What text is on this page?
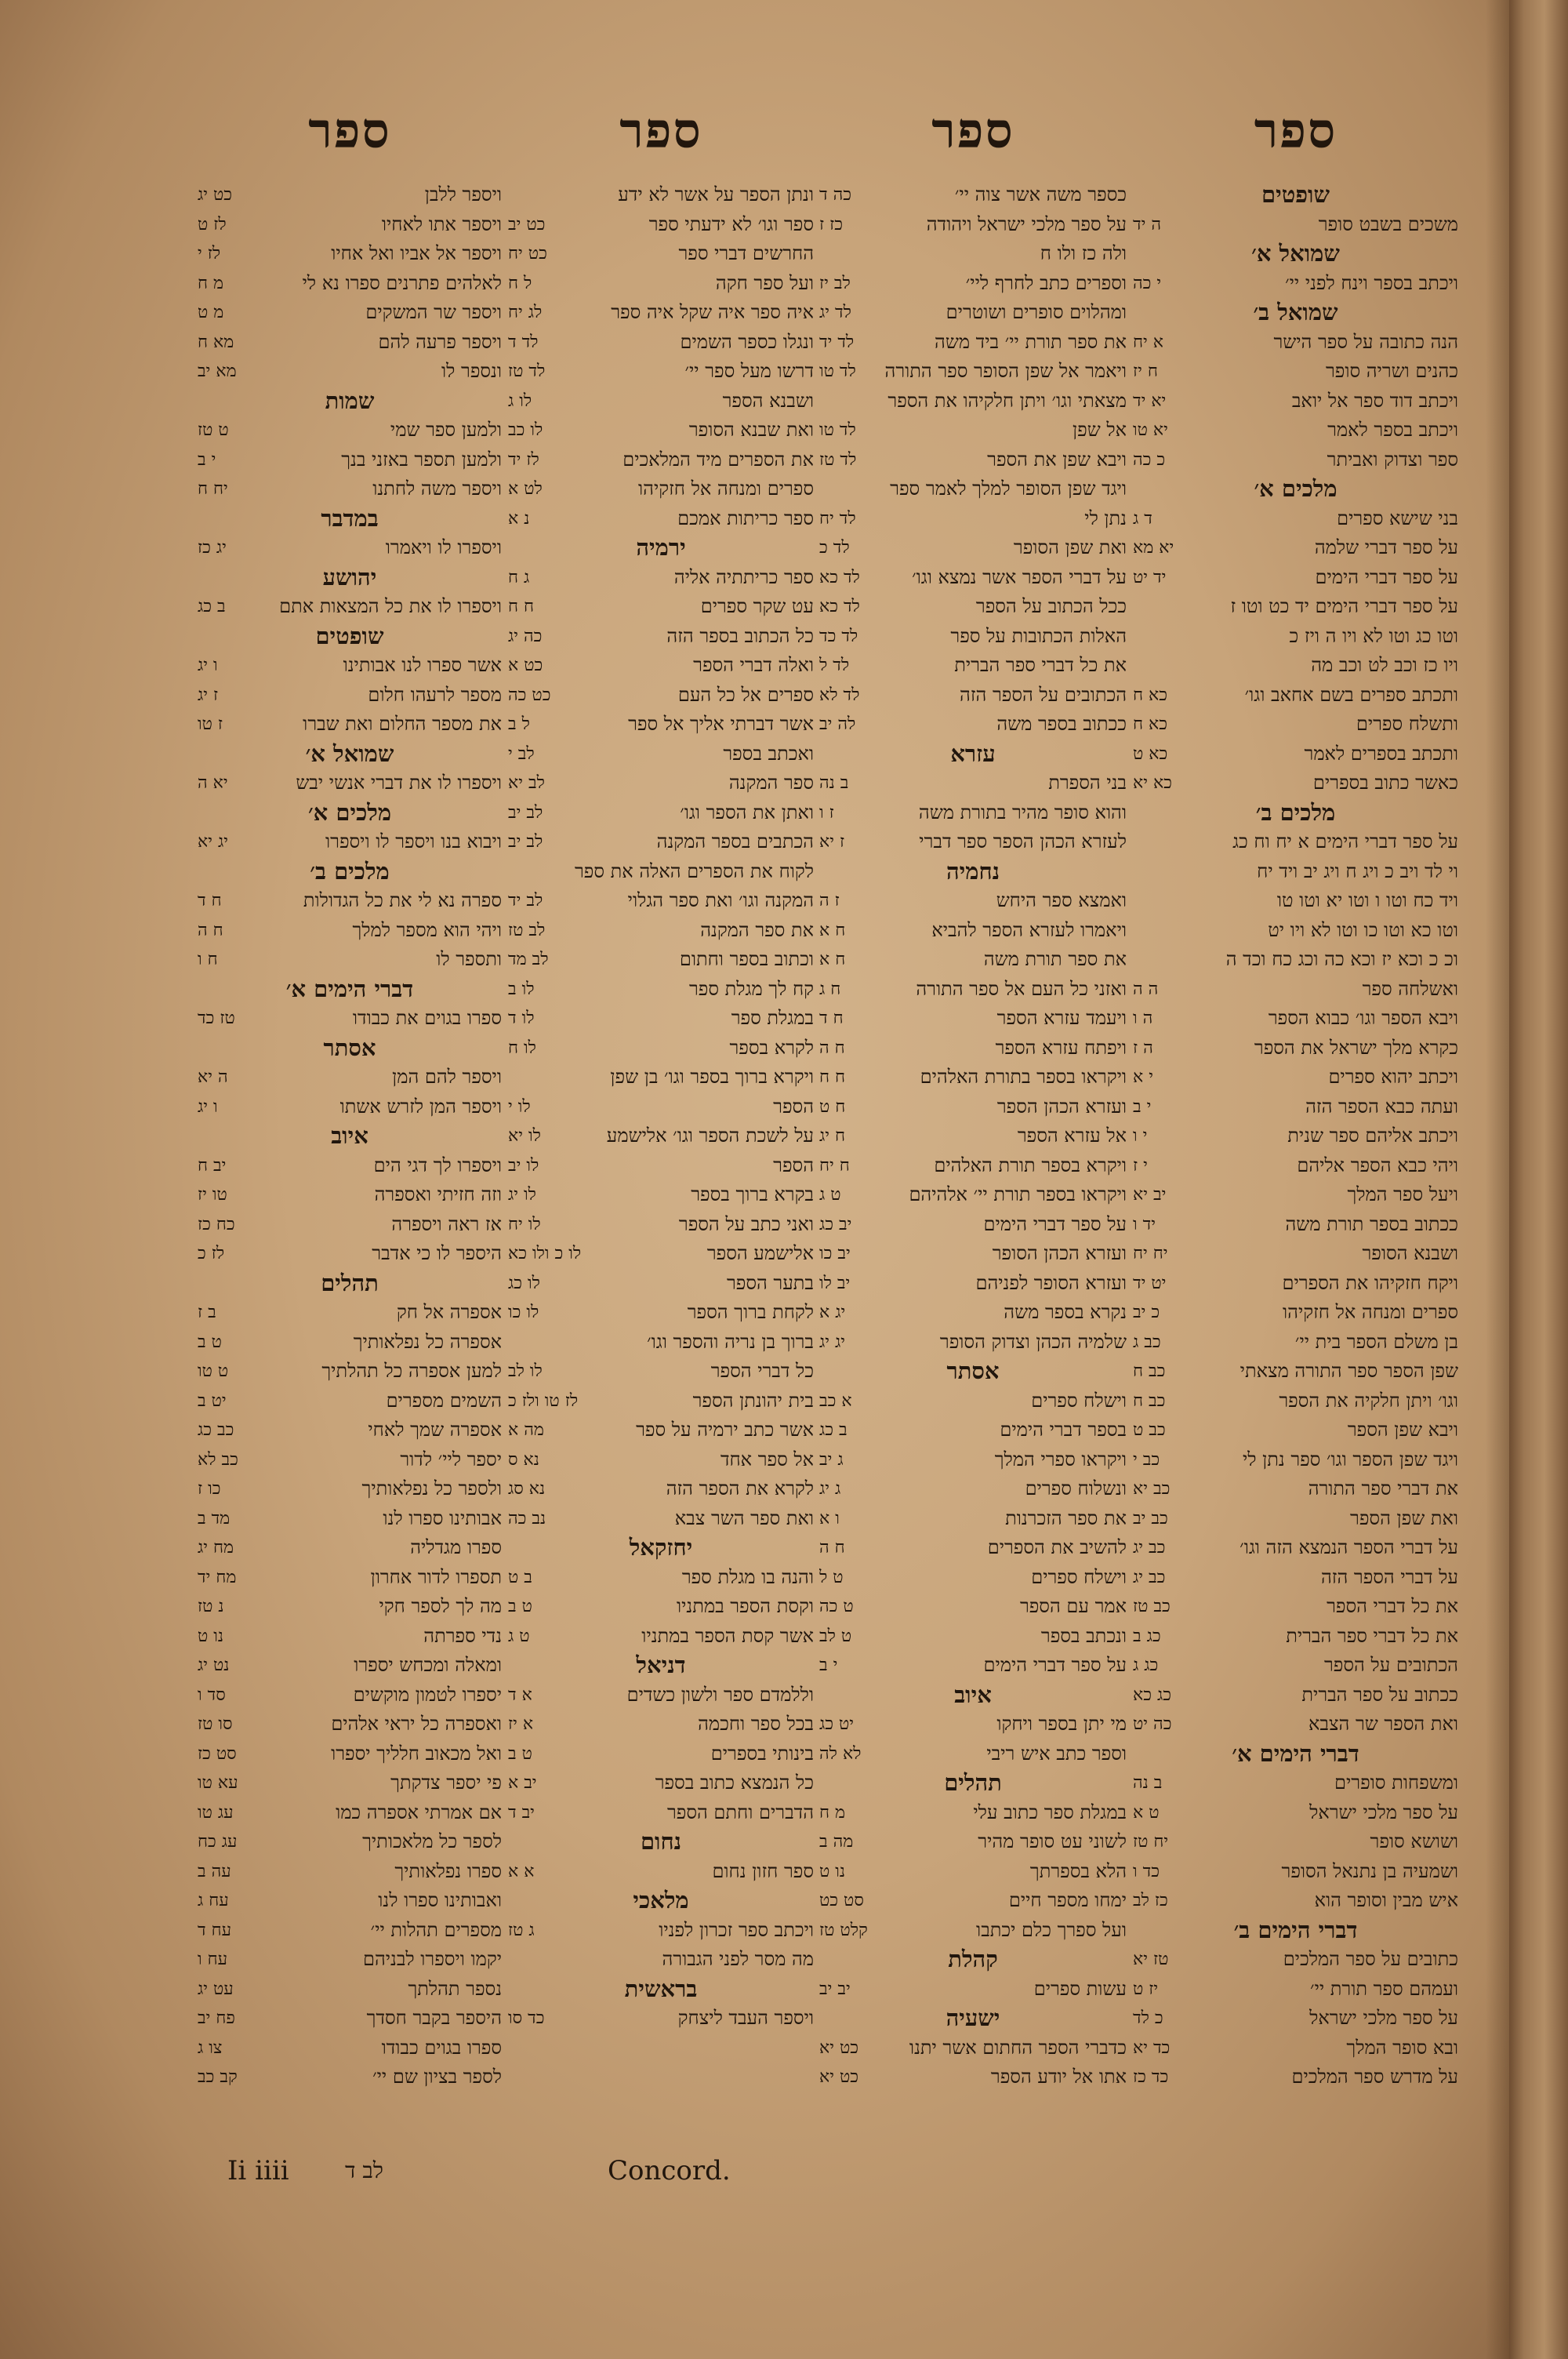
ספר
שופטים
משכים בשבט סופר
ה יד
שמואל א׳
ויכתב בספר וינח לפני יי׳
י כה
שמואל ב׳
הנה כתובה על ספר הישר
א יח
כהנים ושריה סופר
ח יז
ויכתב דוד ספר אל יואב
יא יד
ויכתב בספר לאמר
יא טו
ספר וצדוק ואביתר
כ כה
מלכים א׳
בני שישא ספרים
ד ג
על ספר דברי שלמה
יא מא
על ספר דברי הימים
יד יט
על ספר דברי הימים יד כט וטו ז
וטו כג וטו לא ויו ה ויז כ
ויו כז וכב לט וכב מה
ותכתב ספרים בשם אחאב וגו׳
כא ח
ותשלח ספרים
כא ח
ותכתב בספרים לאמר
כא ט
כאשר כתוב בספרים
כא יא
מלכים ב׳
על ספר דברי הימים א יח וח כג
וי לד ויב כ ויג ח ויג יב ויד יח
ויד כח וטו ו וטו יא וטו טו
וטו כא וטו כו וטו לא ויו יט
וכ כ וכא יז וכא כה וכג כח וכד ה
ואשלחה ספר
ה ה
ויבא הספר וגו׳ כבוא הספר
ה ו
כקרא מלך ישראל את הספר
ה ז
ויכתב יהוא ספרים
י א
ועתה כבא הספר הזה
י ב
ויכתב אליהם ספר שנית
י ו
ויהי כבא הספר אליהם
י ז
ויעל ספר המלך
יב יא
ככתוב בספר תורת משה
יד ו
ושבנא הסופר
יח יח
ויקח חזקיהו את הספרים
יט יד
ספרים ומנחה אל חזקיהו
כ יב
בן משלם הספר בית יי׳
כב ג
שפן הספר ספר התורה מצאתי
כב ח
וגו׳ ויתן חלקיה את הספר
כב ח
ויבא שפן הספר
כב ט
ויגד שפן הספר וגו׳ ספר נתן לי
כב י
את דברי ספר התורה
כב יא
ואת שפן הספר
כב יב
על דברי הספר הנמצא הזה וגו׳
כב יג
על דברי הספר הזה
כב יג
את כל דברי הספר
כב טז
את כל דברי ספר הברית
כג ב
הכתובים על הספר
כג ג
ככתוב על ספר הברית
כג כא
ואת הספר שר הצבא
כה יט
דברי הימים א׳
ומשפחות סופרים
ב נה
על ספר מלכי ישראל
ט א
ושושא סופר
יח טז
ושמעיה בן נתנאל הסופר
כד ו
איש מבין וסופר הוא
כז לב
דברי הימים ב׳
כתובים על ספר המלכים
טז יא
ועמהם ספר תורת יי׳
יז ט
על ספר מלכי ישראל
כ לד
ובא סופר המלך
כד יא
על מדרש ספר המלכים
כד כז
ספר
כספר משה אשר צוה יי׳
כה ד
על ספר מלכי ישראל ויהודה
כז ז
ולה כז ולו ח
וספרים כתב לחרף ליי׳
לב יז
ומהלוים סופרים ושוטרים
לד יג
את ספר תורת יי׳ ביד משה
לד יד
ויאמר אל שפן הסופר ספר התורה
לד טו
מצאתי וגו׳ ויתן חלקיהו את הספר
אל שפן
לד טו
ויבא שפן את הספר
לד טז
ויגד שפן הסופר למלך לאמר ספר
נתן לי
לד יח
ואת שפן הסופר
לד כ
על דברי הספר אשר נמצא וגו׳
לד כא
ככל הכתוב על הספר
לד כא
האלות הכתובות על ספר
לד כד
את כל דברי ספר הברית
לד ל
הכתובים על הספר הזה
לד לא
ככתוב בספר משה
לה יב
עזרא
בני הספרת
ב נה
והוא סופר מהיר בתורת משה
ז ו
לעזרא הכהן הספר ספר דברי
ז יא
נחמיה
ואמצא ספר היחש
ז ה
ויאמרו לעזרא הספר להביא
ח א
את ספר תורת משה
ח א
ואזני כל העם אל ספר התורה
ח ג
ויעמד עזרא הספר
ח ד
ויפתח עזרא הספר
ח ה
ויקראו בספר בתורת האלהים
ח ח
ועזרא הכהן הספר
ח ט
אל עזרא הספר
ח יג
ויקרא בספר תורת האלהים
ח יח
ויקראו בספר תורת יי׳ אלהיהם
ט ג
על ספר דברי הימים
יב כג
ועזרא הכהן הסופר
יב כו
ועזרא הסופר לפניהם
יב לו
נקרא בספר משה
יג א
שלמיה הכהן וצדוק הסופר
יג יג
אסתר
וישלח ספרים
א כב
בספר דברי הימים
ב כג
ויקראו ספרי המלך
ג יב
ונשלוח ספרים
ג יג
את ספר הזכרנות
ו א
להשיב את הספרים
ח ה
וישלח ספרים
ט ל
אמר עם הספר
ט כה
ונכתב בספר
ט לב
על ספר דברי הימים
י ב
איוב
מי יתן בספר ויחקו
יט כג
וספר כתב איש ריבי
לא לה
תהלים
במגלת ספר כתוב עלי
מ ח
לשוני עט סופר מהיר
מה ב
הלא בספרתך
נו ט
ימחו מספר חיים
סט כט
ועל ספרך כלם יכתבו
קלט טז
קהלת
עשות ספרים
יב יב
ישעיה
כדברי הספר החתום אשר יתנו
כט יא
אתו אל יודע הספר
כט יא
ספר
ונתן הספר על אשר לא ידע
ספר וגו׳ לא ידעתי ספר
כט יב
החרשים דברי ספר
כט יח
ועל ספר חקה
ל ח
איה ספר איה שקל איה ספר
לג יח
ונגלו כספר השמים
לד ד
דרשו מעל ספר יי׳
לד טז
ושבנא הספר
לו ג
ואת שבנא הסופר
לו כב
את הספרים מיד המלאכים
לז יד
ספרים ומנחה אל חזקיהו
לט א
ספר כריתות אמכם
נ א
ירמיה
ספר כריתתיה אליה
ג ח
עט שקר ספרים
ח ח
כל הכתוב בספר הזה
כה יג
ואלה דברי הספר
כט א
ספרים אל כל העם
כט כה
אשר דברתי אליך אל ספר
ל ב
ואכתב בספר
לב י
ספר המקנה
לב יא
ואתן את הספר וגו׳
לב יב
הכתבים בספר המקנה
לב יב
לקוח את הספרים האלה את ספר
המקנה וגו׳ ואת ספר הגלוי
לב יד
את ספר המקנה
לב טז
וכתוב בספר וחתום
לב מד
קח לך מגלת ספר
לו ב
במגלת ספר
לו ד
לקרא בספר
לו ח
ויקרא ברוך בספר וגו׳ בן שפן
הספר
לו י
על לשכת הספר וגו׳ אלישמע
לו יא
הספר
לו יב
בקרא ברוך בספר
לו יג
ואני כתב על הספר
לו יח
אלישמע הספר
לו כ ולו כא
בתער הספר
לו כג
לקחת ברוך הספר
לו כו
ברוך בן נריה והספר וגו׳
כל דברי הספר
לו לב
בית יהונתן הספר
לז טו ולז כ
אשר כתב ירמיה על ספר
מה א
אל ספר אחד
נא ס
לקרא את הספר הזה
נא סג
ואת ספר השר צבא
נב כה
יחזקאל
והנה בו מגלת ספר
ב ט
וקסת הספר במתניו
ט ב
אשר קסת הספר במתניו
ט ג
דניאל
וללמדם ספר ולשון כשדים
א ד
בכל ספר וחכמה
א יז
בינותי בספרים
ט ב
כל הנמצא כתוב בספר
יב א
הדברים וחתם הספר
יב ד
נחום
ספר חזון נחום
א א
מלאכי
ויכתב ספר זכרון לפניו
ג טז
מה מסר לפני הגבורה
בראשית
ויספר העבד ליצחק
כד סו
ספר
ויספר ללבן
כט יג
ויספר אתו לאחיו
לז ט
ויספר אל אביו ואל אחיו
לז י
לאלהים פתרנים ספרו נא לי
מ ח
ויספר שר המשקים
מ ט
ויספר פרעה להם
מא ח
ונספר לו
מא יב
שמות
ולמען ספר שמי
ט טז
ולמען תספר באזני בנך
י ב
ויספר משה לחתנו
יח ח
במדבר
ויספרו לו ויאמרו
יג כז
יהושע
ויספרו לו את כל המצאות אתם
ב כג
שופטים
אשר ספרו לנו אבותינו
ו יג
מספר לרעהו חלום
ז יג
את מספר החלום ואת שברו
ז טו
שמואל א׳
ויספרו לו את דברי אנשי יבש
יא ה
מלכים א׳
ויבוא בנו ויספר לו ויספרו
יג יא
מלכים ב׳
ספרה נא לי את כל הגדולות
ח ד
ויהי הוא מספר למלך
ח ה
ותספר לו
ח ו
דברי הימים א׳
ספרו בגוים את כבודו
טז כד
אסתר
ויספר להם המן
ה יא
ויספר המן לזרש אשתו
ו יג
איוב
ויספרו לך דגי הים
יב ח
וזה חזיתי ואספרה
טו יז
אז ראה ויספרה
כח כז
היספר לו כי אדבר
לז כ
תהלים
אספרה אל חק
ב ז
אספרה כל נפלאותיך
ט ב
למען אספרה כל תהלתיך
ט טו
השמים מספרים
יט ב
אספרה שמך לאחי
כב כג
יספר ליי׳ לדור
כב לא
ולספר כל נפלאותיך
כו ז
אבותינו ספרו לנו
מד ב
ספרו מגדליה
מח יג
תספרו לדור אחרון
מח יד
מה לך לספר חקי
נ טז
נדי ספרתה
נו ט
ומאלה ומכחש יספרו
נט יג
יספרו לטמון מוקשים
סד ו
ואספרה כל יראי אלהים
סו טז
ואל מכאוב חלליך יספרו
סט כז
פי יספר צדקתך
עא טו
אם אמרתי אספרה כמו
עג טו
לספר כל מלאכותיך
עג כח
ספרו נפלאותיך
עה ב
ואבותינו ספרו לנו
עח ג
מספרים תהלות יי׳
עח ד
יקמו ויספרו לבניהם
עח ו
נספר תהלתך
עט יג
היספר בקבר חסדך
פח יב
ספרו בגוים כבודו
צו ג
לספר בציון שם יי׳
קב כב
Ii iiii	לב ד	Concord.
